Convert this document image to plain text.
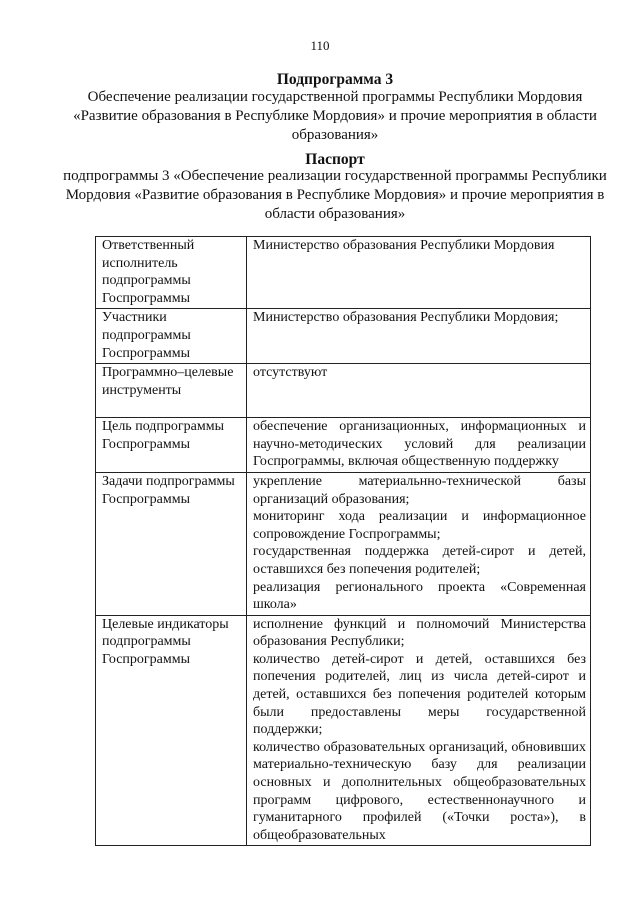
110
Подпрограмма 3
Обеспечение реализации государственной программы Республики Мордовия «Развитие образования в Республике Мордовия» и прочие мероприятия в области образования»
Паспорт
подпрограммы 3 «Обеспечение реализации государственной программы Республики Мордовия «Развитие образования в Республике Мордовия» и прочие мероприятия в области образования»
Ответственный исполнитель подпрограммы Госпрограммы	Министерство образования Республики Мордовия

Участники подпрограммы Госпрограммы	Министерство образования Республики Мордовия;

Программно–целевые инструменты	отсутствуют

Цель подпрограммы Госпрограммы	обеспечение организационных, информационных и научно-методических условий для реализации Госпрограммы, включая общественную поддержку

Задачи подпрограммы Госпрограммы	укрепление материальнно-технической базы организаций образования;
мониторинг хода реализации и информационное сопровождение Госпрограммы;
государственная поддержка детей-сирот и детей, оставшихся без попечения родителей;
реализация регионального проекта «Современная школа»

Целевые индикаторы подпрограммы Госпрограммы	исполнение функций и полномочий Министерства образования Республики;
количество детей-сирот и детей, оставшихся без попечения родителей, лиц из числа детей-сирот и детей, оставшихся без попечения родителей которым были предоставлены меры государственной поддержки;
количество образовательных организаций, обновивших материально-техническую базу для реализации основных и дополнительных общеобразовательных программ цифрового, естественнонаучного и гуманитарного профилей («Точки роста»), в общеобразовательных
